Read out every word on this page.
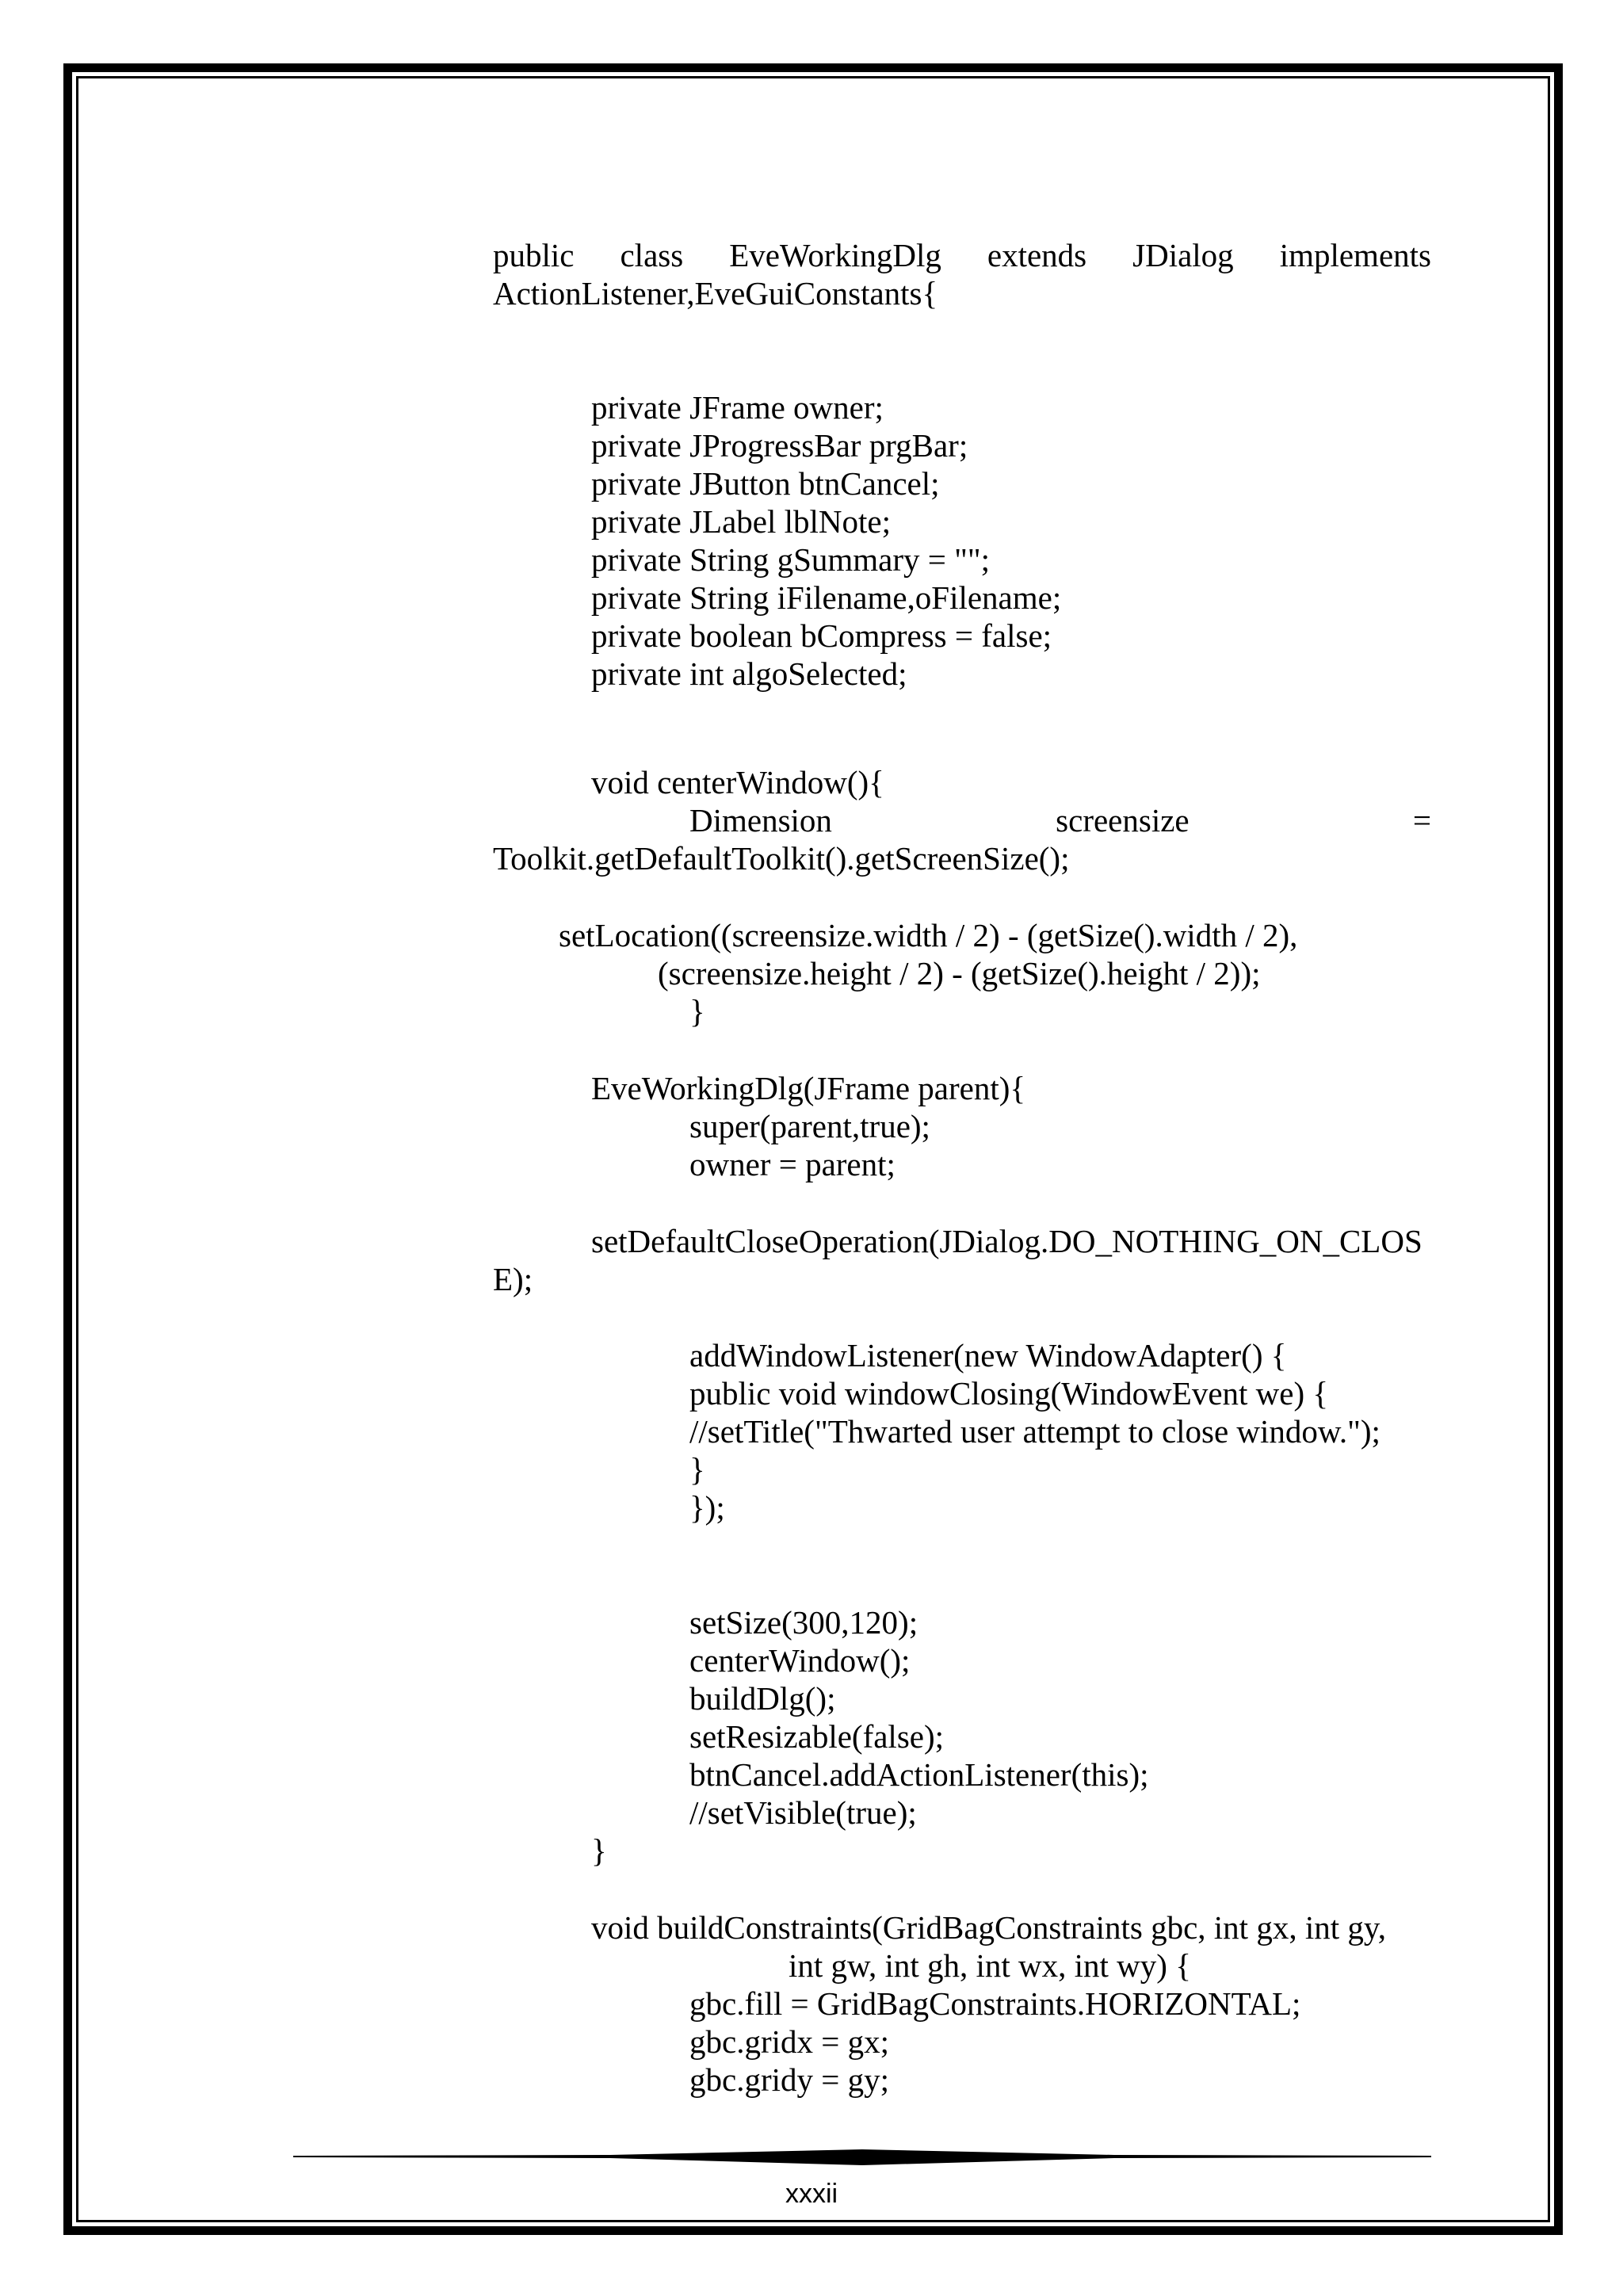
public class EveWorkingDlg extends JDialog implements

ActionListener,EveGuiConstants{

private JFrame owner;

private JProgressBar prgBar;

private JButton btnCancel;

private JLabel lblNote;

private String gSummary = "";

private String iFilename,oFilename;

private boolean bCompress = false;

private int algoSelected;

void centerWindow(){

Dimension	screensize	=

Toolkit.getDefaultToolkit().getScreenSize();

setLocation((screensize.width / 2) - (getSize().width / 2),

(screensize.height / 2) - (getSize().height / 2));

}

EveWorkingDlg(JFrame parent){

super(parent,true);

owner = parent;

setDefaultCloseOperation(JDialog.DO_NOTHING_ON_CLOS

E);

addWindowListener(new WindowAdapter() {

public void windowClosing(WindowEvent we) {

//setTitle("Thwarted user attempt to close window.");

}

});

setSize(300,120);

centerWindow();

buildDlg();

setResizable(false);

btnCancel.addActionListener(this);

//setVisible(true);

}

void buildConstraints(GridBagConstraints gbc, int gx, int gy,

int gw, int gh, int wx, int wy) {

gbc.fill = GridBagConstraints.HORIZONTAL;

gbc.gridx = gx;

gbc.gridy = gy;

xxxii
